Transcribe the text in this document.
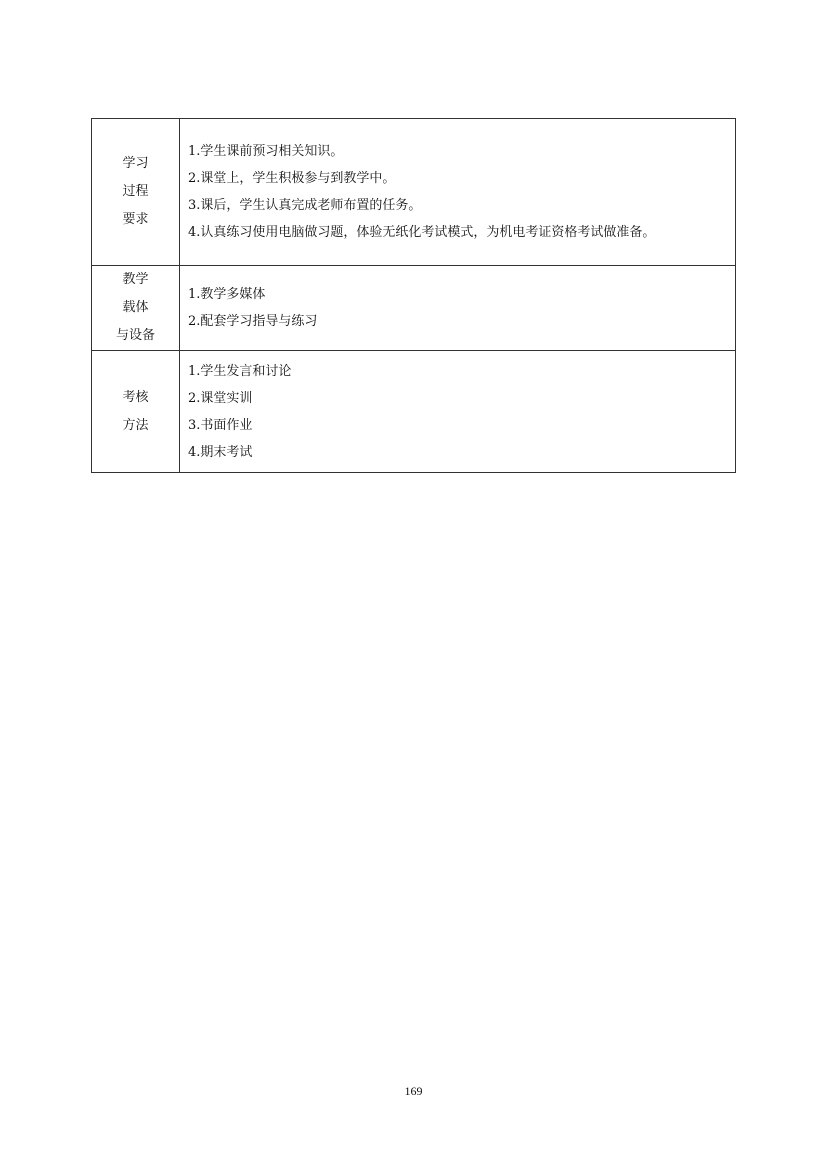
学习
过程
要求	1.学生课前预习相关知识。
2.课堂上，学生积极参与到教学中。
3.课后，学生认真完成老师布置的任务。
4.认真练习使用电脑做习题，体验无纸化考试模式，为机电考证资格考试做准备。

教学
载体
与设备	1.教学多媒体
2.配套学习指导与练习

考核
方法	1.学生发言和讨论
2.课堂实训
3.书面作业
4.期末考试
169
